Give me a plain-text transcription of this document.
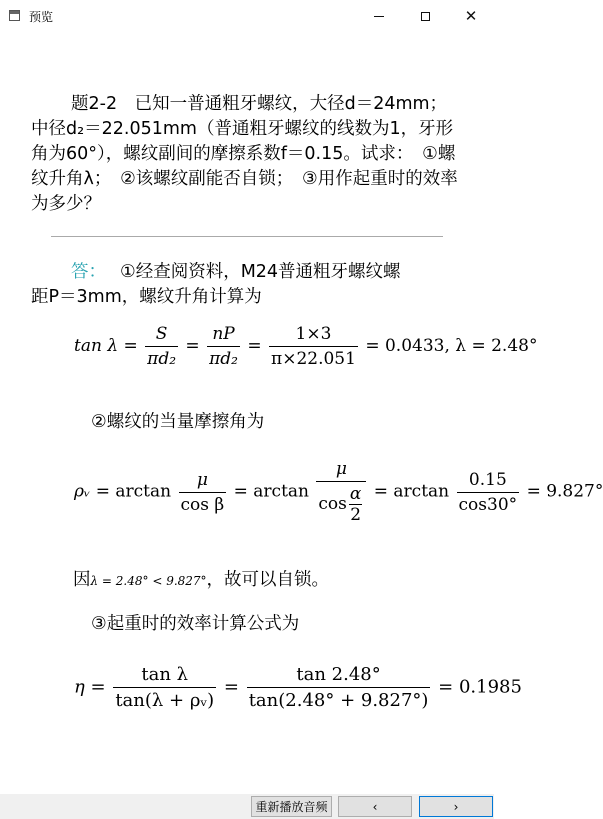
预览	✕

题2-2　已知一普通粗牙螺纹，大径d＝24mm；中径d₂＝22.051mm（普通粗牙螺纹的线数为1，牙形角为60°），螺纹副间的摩擦系数f＝0.15。试求：　①螺纹升角λ；　②该螺纹副能否自锁；　③用作起重时的效率为多少？

答： ①经查阅资料，M24普通粗牙螺纹螺

距P＝3mm，螺纹升角计算为

$\tan \lambda = \frac{S}{\text{πd₂}} = \frac{nP}{\text{πd₂}} = \frac{1\times 3}{\pi\times 22.051} = 0.0433$, λ = 2.48°

②螺纹的当量摩擦角为

ρᵥ = $\arctan \frac{\mu}{\text{cos β}} = \arctan \frac{\mu}{\cos \frac{\alpha}{2}} = \arctan \frac{0.15}{\cos 30^\circ} = 9.827^\circ$

因λ = 2.48° < 9.827°，故可以自锁。

③起重时的效率计算公式为

$\eta = \frac{\text{tan λ}}{\text{tan(λ + ρᵥ)}} = \frac{\tan 2.48^\circ}{\tan(2.48^\circ + 9.827^\circ)} = 0.1985$
重新播放音频	‹	›
